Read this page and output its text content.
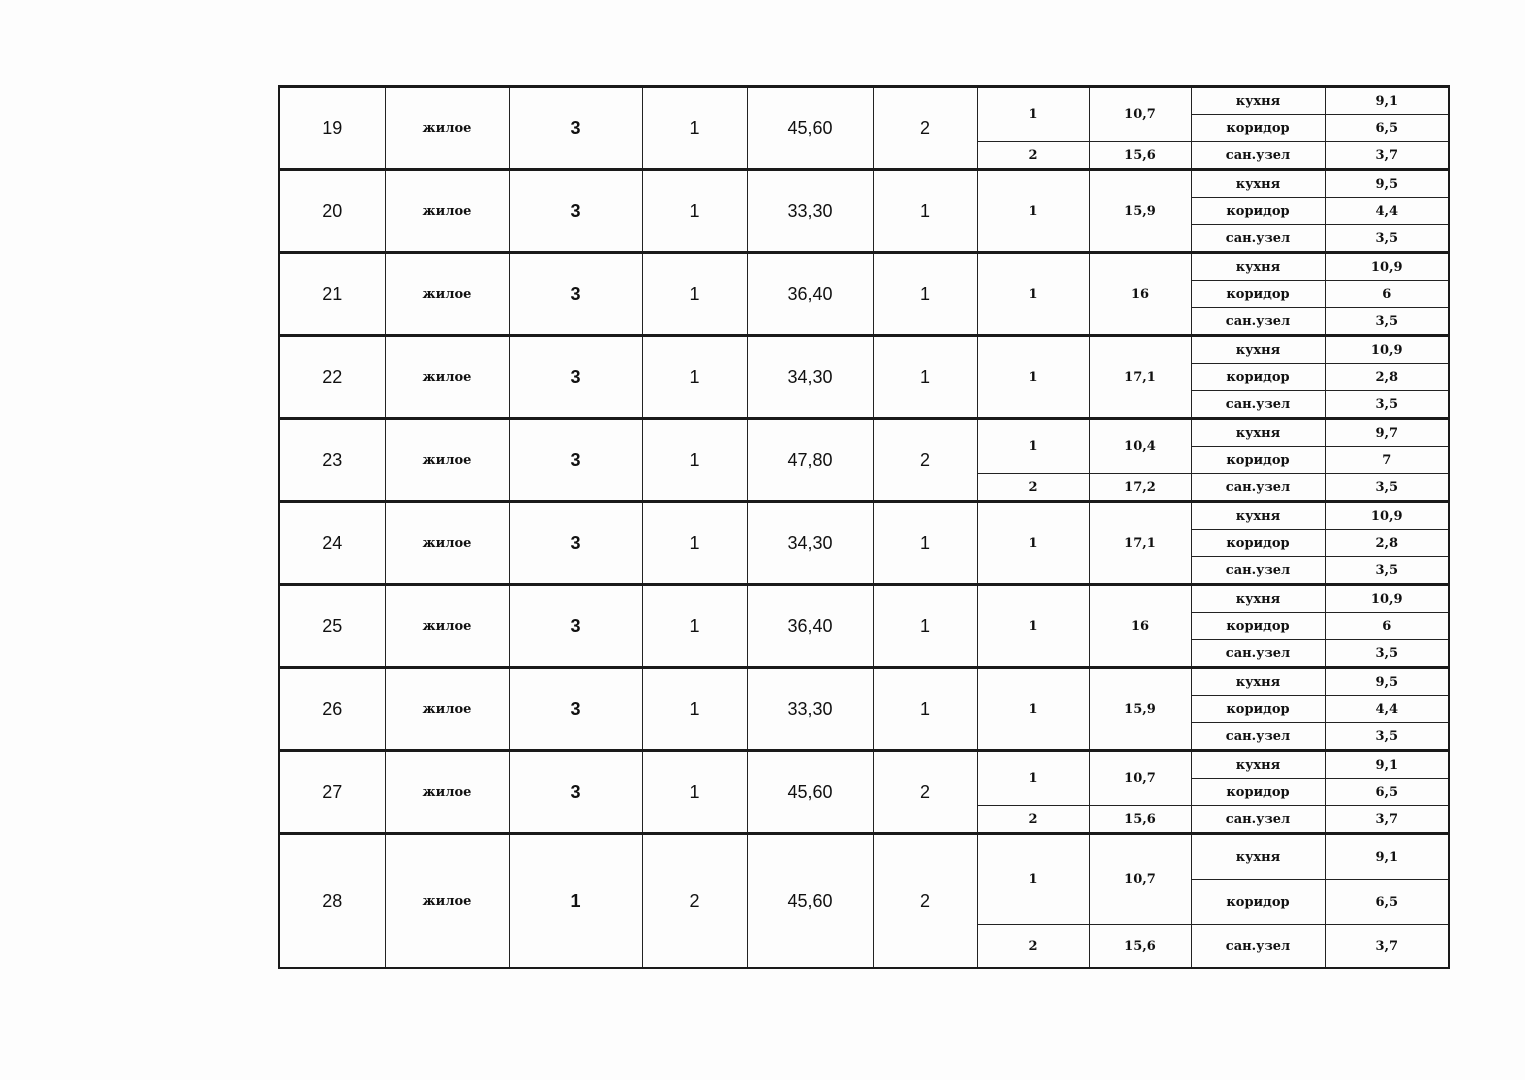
19	жилое	3	1	45,60	2	1	10,7	кухня	9,1
								коридор	6,5
						2	15,6	сан.узел	3,7
20	жилое	3	1	33,30	1	1	15,9	кухня	9,5
								коридор	4,4
								сан.узел	3,5
21	жилое	3	1	36,40	1	1	16	кухня	10,9
								коридор	6
								сан.узел	3,5
22	жилое	3	1	34,30	1	1	17,1	кухня	10,9
								коридор	2,8
								сан.узел	3,5
23	жилое	3	1	47,80	2	1	10,4	кухня	9,7
								коридор	7
						2	17,2	сан.узел	3,5
24	жилое	3	1	34,30	1	1	17,1	кухня	10,9
								коридор	2,8
								сан.узел	3,5
25	жилое	3	1	36,40	1	1	16	кухня	10,9
								коридор	6
								сан.узел	3,5
26	жилое	3	1	33,30	1	1	15,9	кухня	9,5
								коридор	4,4
								сан.узел	3,5
27	жилое	3	1	45,60	2	1	10,7	кухня	9,1
								коридор	6,5
						2	15,6	сан.узел	3,7
28	жилое	1	2	45,60	2	1	10,7	кухня	9,1
								коридор	6,5
						2	15,6	сан.узел	3,7
